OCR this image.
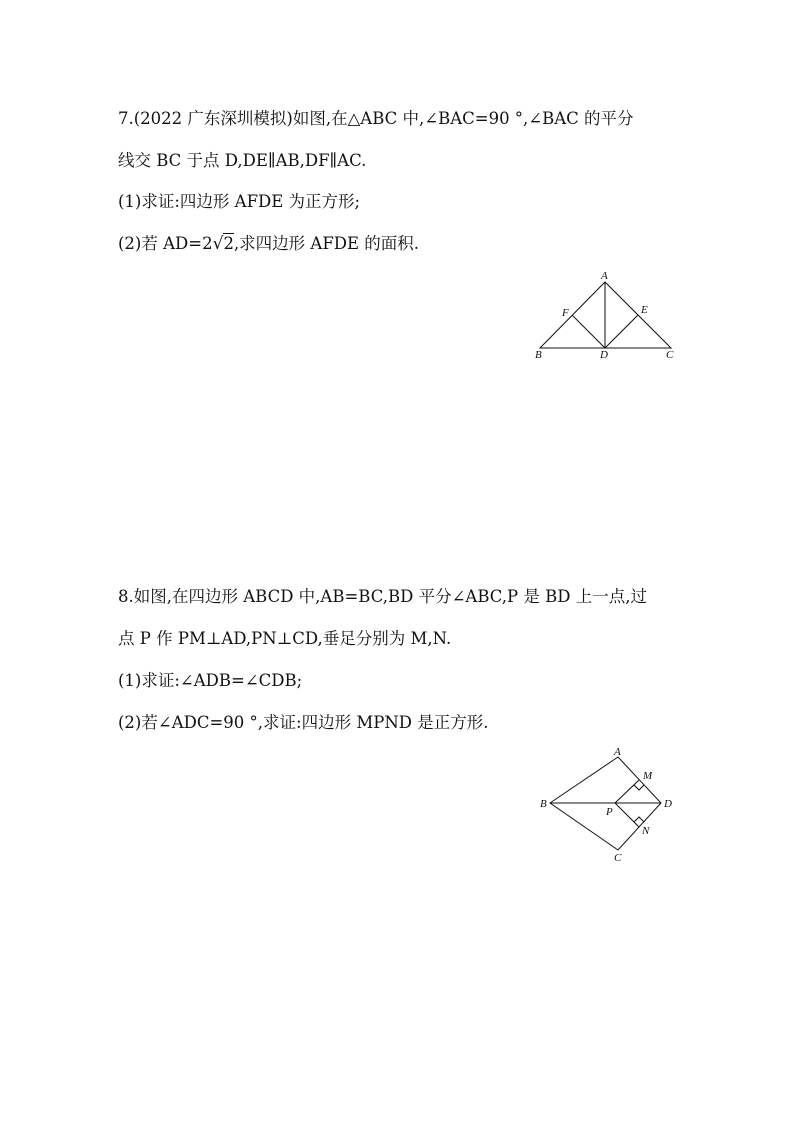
7.(2022 广东深圳模拟)如图,在△ABC 中,∠BAC=90 °,∠BAC 的平分
线交 BC 于点 D,DE∥AB,DF∥AC.
(1)求证:四边形 AFDE 为正方形;
(2)若 AD=2√2,求四边形 AFDE 的面积.
A
F	E
B	D	C
8.如图,在四边形 ABCD 中,AB=BC,BD 平分∠ABC,P 是 BD 上一点,过
点 P 作 PM⊥AD,PN⊥CD,垂足分别为 M,N.
(1)求证:∠ADB=∠CDB;
(2)若∠ADC=90 °,求证:四边形 MPND 是正方形.
A
M
B
P
D
N
C
